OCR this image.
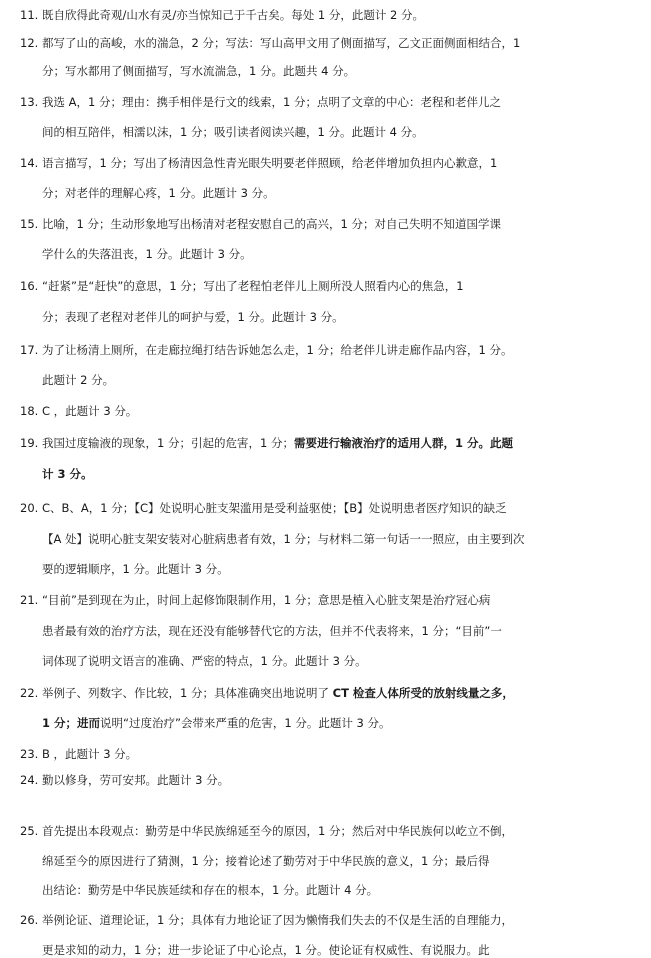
11. 既自欣得此奇观/山水有灵/亦当惊知己于千古矣。每处 1 分，此题计 2 分。
12. 都写了山的高峻，水的湍急，2 分；写法：写山高甲文用了侧面描写，乙文正面侧面相结合，1
分；写水都用了侧面描写，写水流湍急，1 分。此题共 4 分。
13. 我选 A，1 分；理由：携手相伴是行文的线索，1 分；点明了文章的中心：老程和老伴儿之
间的相互陪伴，相濡以沫，1 分；吸引读者阅读兴趣，1 分。此题计 4 分。
14. 语言描写，1 分；写出了杨清因急性青光眼失明要老伴照顾，给老伴增加负担内心歉意，1
分；对老伴的理解心疼，1 分。此题计 3 分。
15. 比喻，1 分；生动形象地写出杨清对老程安慰自己的高兴，1 分；对自己失明不知道国学课
学什么的失落沮丧，1 分。此题计 3 分。
16. “赶紧”是“赶快”的意思，1 分；写出了老程怕老伴儿上厕所没人照看内心的焦急，1
分；表现了老程对老伴儿的呵护与爱，1 分。此题计 3 分。
17. 为了让杨清上厕所，在走廊拉绳打结告诉她怎么走，1 分；给老伴儿讲走廊作品内容，1 分。
此题计 2 分。
18. C ，此题计 3 分。
19. 我国过度输液的现象，1 分；引起的危害，1 分；需要进行输液治疗的适用人群，1 分。此题
计 3 分。
20. C、B、A，1 分；【C】处说明心脏支架滥用是受利益驱使；【B】处说明患者医疗知识的缺乏
【A 处】说明心脏支架安装对心脏病患者有效，1 分；与材料二第一句话一一照应，由主要到次
要的逻辑顺序，1 分。此题计 3 分。
21. “目前”是到现在为止，时间上起修饰限制作用，1 分；意思是植入心脏支架是治疗冠心病
患者最有效的治疗方法，现在还没有能够替代它的方法，但并不代表将来，1 分；“目前”一
词体现了说明文语言的准确、严密的特点，1 分。此题计 3 分。
22. 举例子、列数字、作比较，1 分；具体准确突出地说明了 CT 检查人体所受的放射线量之多，
1 分；进而说明“过度治疗”会带来严重的危害，1 分。此题计 3 分。
23. B ，此题计 3 分。
24. 勤以修身，劳可安邦。此题计 3 分。
25. 首先提出本段观点：勤劳是中华民族绵延至今的原因，1 分；然后对中华民族何以屹立不倒，
绵延至今的原因进行了猜测，1 分；接着论述了勤劳对于中华民族的意义，1 分；最后得
出结论：勤劳是中华民族延续和存在的根本，1 分。此题计 4 分。
26. 举例论证、道理论证，1 分；具体有力地论证了因为懒惰我们失去的不仅是生活的自理能力，
更是求知的动力，1 分；进一步论证了中心论点，1 分。使论证有权威性、有说服力。此
